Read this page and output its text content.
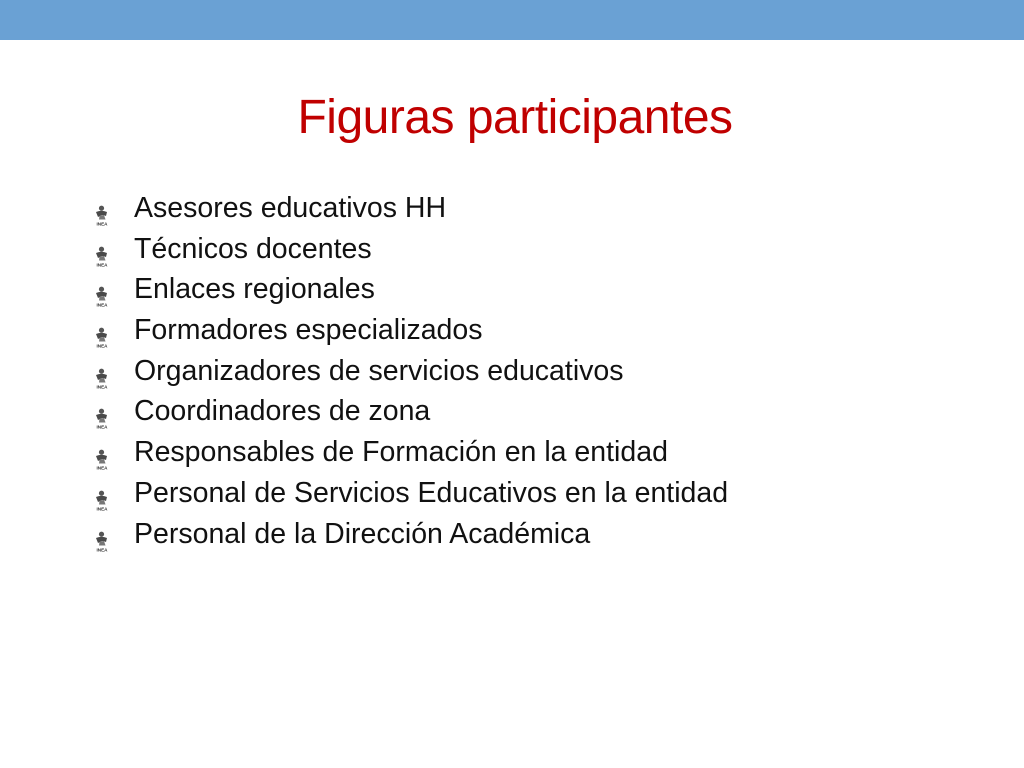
Figuras participantes
INEA Asesores educativos HH
INEA Técnicos docentes
INEA Enlaces regionales
INEA Formadores especializados
INEA Organizadores de servicios educativos
INEA Coordinadores de zona
INEA Responsables de Formación en la entidad
INEA Personal de Servicios Educativos en la entidad
INEA Personal de la Dirección Académica
